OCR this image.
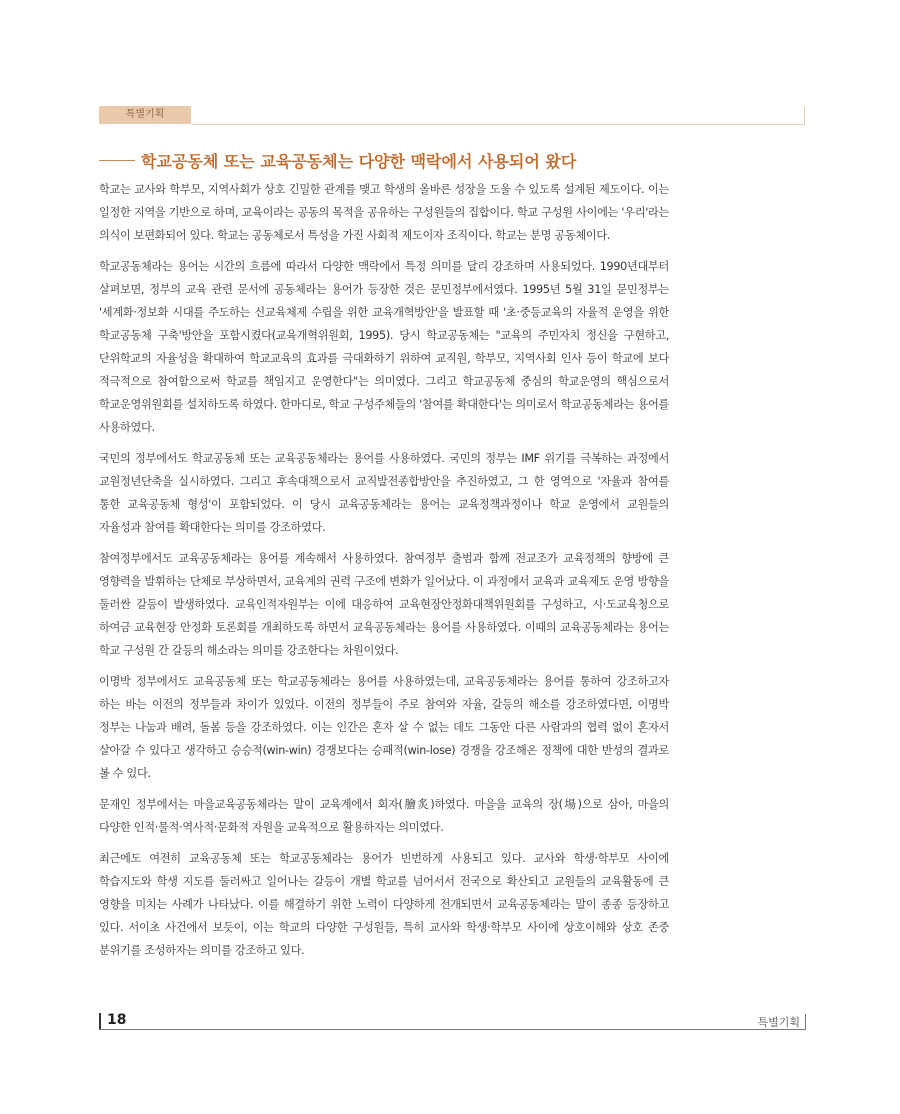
특별기획
학교공동체 또는 교육공동체는 다양한 맥락에서 사용되어 왔다

학교는 교사와 학부모, 지역사회가 상호 긴밀한 관계를 맺고 학생의 올바른 성장을 도울 수 있도록 설계된 제도이다. 이는 일정한 지역을 기반으로 하며, 교육이라는 공동의 목적을 공유하는 구성원들의 집합이다. 학교 구성원 사이에는 '우리'라는 의식이 보편화되어 있다. 학교는 공동체로서 특성을 가진 사회적 제도이자 조직이다. 학교는 분명 공동체이다.

학교공동체라는 용어는 시간의 흐름에 따라서 다양한 맥락에서 특정 의미를 달리 강조하며 사용되었다. 1990년대부터 살펴보면, 정부의 교육 관련 문서에 공동체라는 용어가 등장한 것은 문민정부에서였다. 1995년 5월 31일 문민정부는 '세계화·정보화 시대를 주도하는 신교육체제 수립을 위한 교육개혁방안'을 발표할 때 '초·중등교육의 자율적 운영을 위한 학교공동체 구축'방안을 포함시켰다(교육개혁위원회, 1995). 당시 학교공동체는 "교육의 주민자치 정신을 구현하고, 단위학교의 자율성을 확대하여 학교교육의 효과를 극대화하기 위하여 교직원, 학부모, 지역사회 인사 등이 학교에 보다 적극적으로 참여함으로써 학교를 책임지고 운영한다"는 의미였다. 그리고 학교공동체 중심의 학교운영의 핵심으로서 학교운영위원회를 설치하도록 하였다. 한마디로, 학교 구성주체들의 '참여를 확대한다'는 의미로서 학교공동체라는 용어를 사용하였다.

국민의 정부에서도 학교공동체 또는 교육공동체라는 용어를 사용하였다. 국민의 정부는 IMF 위기를 극복하는 과정에서 교원정년단축을 실시하였다. 그리고 후속대책으로서 교직발전종합방안을 추진하였고, 그 한 영역으로 '자율과 참여를 통한 교육공동체 형성'이 포함되었다. 이 당시 교육공동체라는 용어는 교육정책과정이나 학교 운영에서 교원들의 자율성과 참여를 확대한다는 의미를 강조하였다.

참여정부에서도 교육공동체라는 용어를 계속해서 사용하였다. 참여정부 출범과 함께 전교조가 교육정책의 향방에 큰 영향력을 발휘하는 단체로 부상하면서, 교육계의 권력 구조에 변화가 일어났다. 이 과정에서 교육과 교육제도 운영 방향을 둘러싼 갈등이 발생하였다. 교육인적자원부는 이에 대응하여 교육현장안정화대책위원회를 구성하고, 시·도교육청으로 하여금 교육현장 안정화 토론회를 개최하도록 하면서 교육공동체라는 용어를 사용하였다. 이때의 교육공동체라는 용어는 학교 구성원 간 갈등의 해소라는 의미를 강조한다는 차원이었다.

이명박 정부에서도 교육공동체 또는 학교공동체라는 용어를 사용하였는데, 교육공동체라는 용어를 통하여 강조하고자 하는 바는 이전의 정부들과 차이가 있었다. 이전의 정부들이 주로 참여와 자율, 갈등의 해소를 강조하였다면, 이명박 정부는 나눔과 배려, 돌봄 등을 강조하였다. 이는 인간은 혼자 살 수 없는 데도 그동안 다른 사람과의 협력 없이 혼자서 살아갈 수 있다고 생각하고 승승적(win-win) 경쟁보다는 승패적(win-lose) 경쟁을 강조해온 정책에 대한 반성의 결과로 볼 수 있다.

문재인 정부에서는 마을교육공동체라는 말이 교육계에서 회자(膾炙)하였다. 마을을 교육의 장(場)으로 삼아, 마을의 다양한 인적·물적·역사적·문화적 자원을 교육적으로 활용하자는 의미였다.

최근에도 여전히 교육공동체 또는 학교공동체라는 용어가 빈번하게 사용되고 있다. 교사와 학생·학부모 사이에 학습지도와 학생 지도를 둘러싸고 일어나는 갈등이 개별 학교를 넘어서서 전국으로 확산되고 교원들의 교육활동에 큰 영향을 미치는 사례가 나타났다. 이를 해결하기 위한 노력이 다양하게 전개되면서 교육공동체라는 말이 종종 등장하고 있다. 서이초 사건에서 보듯이, 이는 학교의 다양한 구성원들, 특히 교사와 학생·학부모 사이에 상호이해와 상호 존중 분위기를 조성하자는 의미를 강조하고 있다.

18	특별기획
